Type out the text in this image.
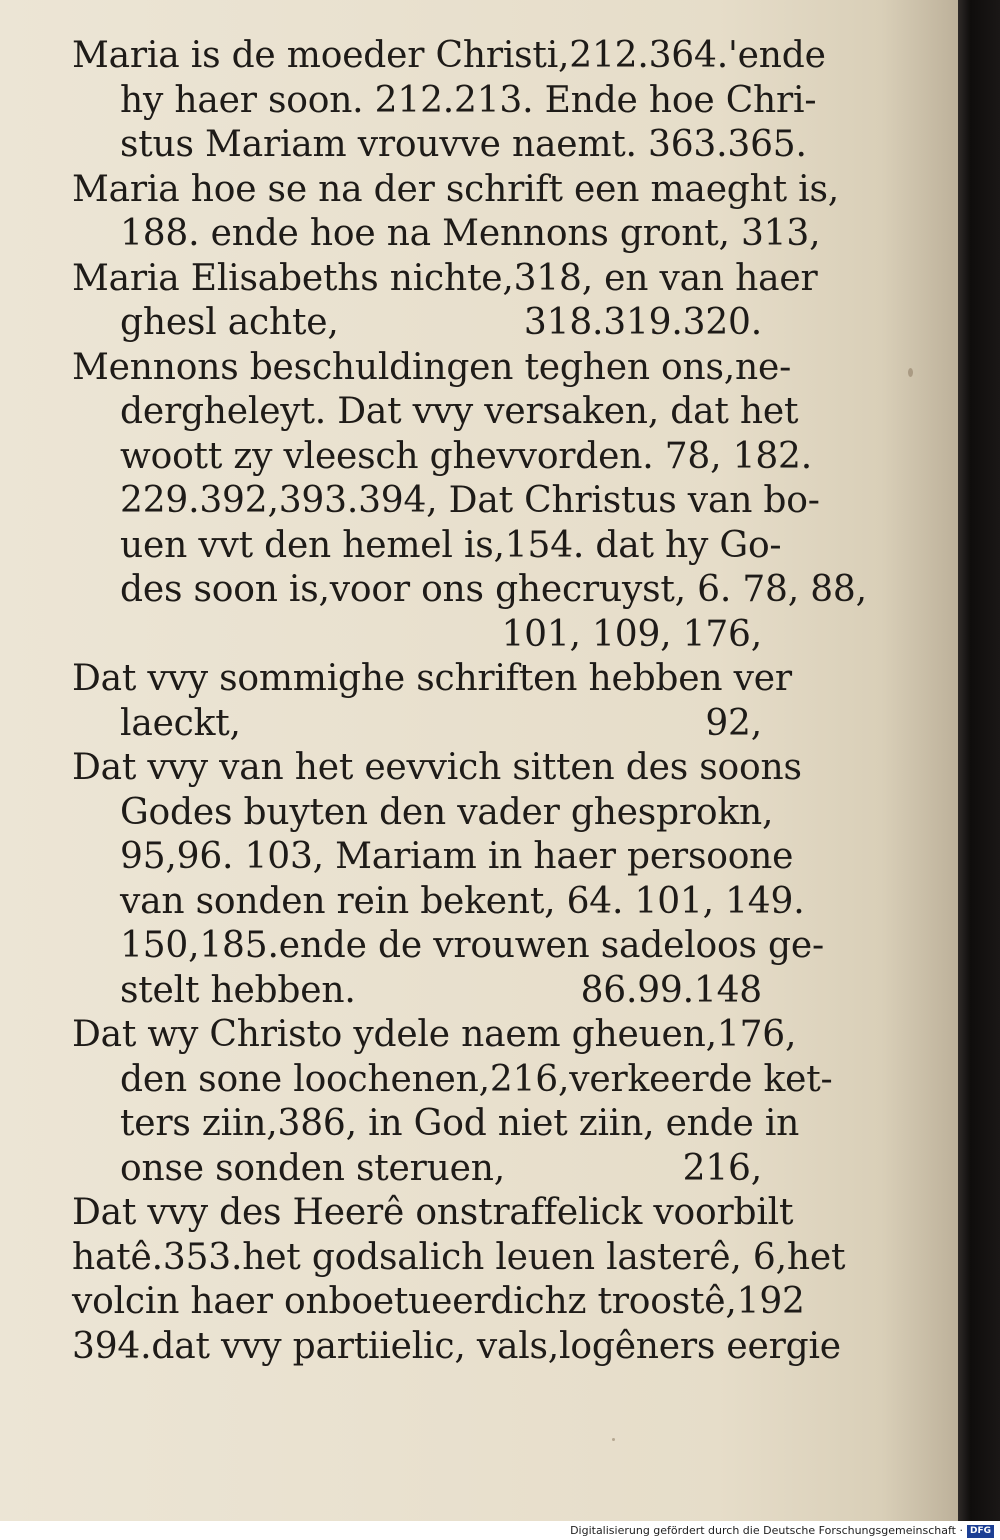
Maria is de moeder Christi,212.364.'ende
hy haer soon. 212.213. Ende hoe Chri-
stus Mariam vrouvve naemt. 363.365.
Maria hoe se na der schrift een maeght is,
188. ende hoe na Mennons gront, 313,
Maria Elisabeths nichte,318, en van haer
ghesl achte,	318.319.320.
Mennons beschuldingen teghen ons,ne-
dergheleyt. Dat vvy versaken, dat het
woott zy vleesch ghevvorden. 78, 182.
229.392,393.394, Dat Christus van bo-
uen vvt den hemel is,154. dat hy Go-
des soon is,voor ons ghecruyst, 6. 78, 88,
101, 109, 176,
Dat vvy sommighe schriften hebben ver
laeckt,	92,
Dat vvy van het eevvich sitten des soons
Godes buyten den vader ghesprokn,
95,96. 103, Mariam in haer persoone
van sonden rein bekent, 64. 101, 149.
150,185.ende de vrouwen sadeloos ge-
stelt hebben.	86.99.148
Dat wy Christo ydele naem gheuen,176,
den sone loochenen,216,verkeerde ket-
ters ziin,386, in God niet ziin, ende in
onse sonden steruen,	216,
Dat vvy des Heerê onstraffelick voorbilt
hatê.353.het godsalich leuen lasterê, 6,het
volcin haer onboetueerdichz troostê,192
394.dat vvy partiielic, vals,logêners eergie
Digitalisierung gefördert durch die Deutsche Forschungsgemeinschaft · DFG
